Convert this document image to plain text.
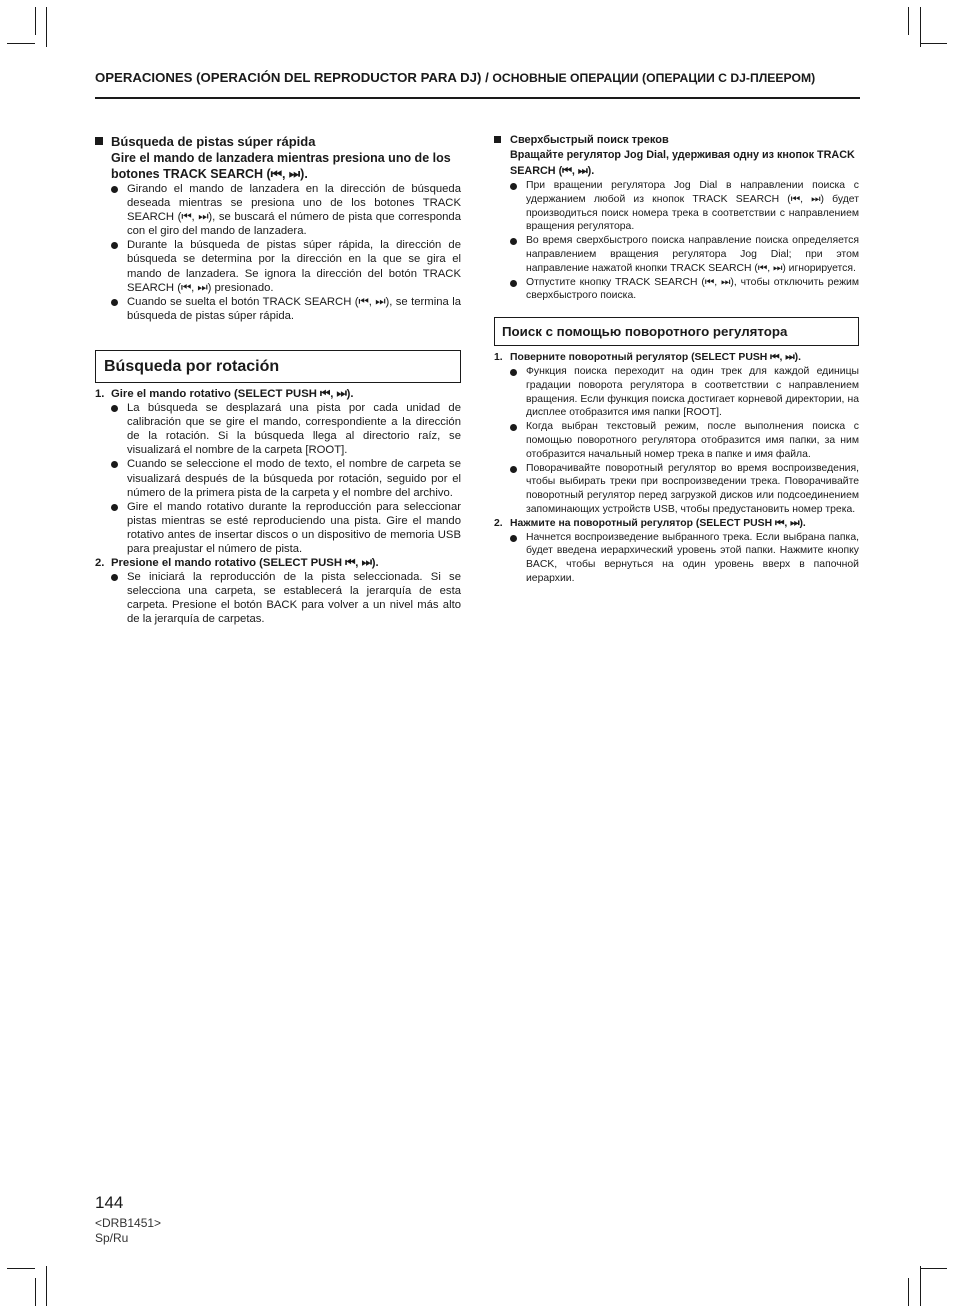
OPERACIONES (OPERACIÓN DEL REPRODUCTOR PARA DJ) / ОСНОВНЫЕ ОПЕРАЦИИ (ОПЕРАЦИИ С DJ-ПЛЕЕРОМ)
Búsqueda de pistas súper rápida
Gire el mando de lanzadera mientras presiona uno de los botones TRACK SEARCH (⏮, ⏭).
Girando el mando de lanzadera en la dirección de búsqueda deseada mientras se presiona uno de los botones TRACK SEARCH (⏮, ⏭), se buscará el número de pista que corresponda con el giro del mando de lanzadera.
Durante la búsqueda de pistas súper rápida, la dirección de búsqueda se determina por la dirección en la que se gira el mando de lanzadera. Se ignora la dirección del botón TRACK SEARCH (⏮, ⏭) presionado.
Cuando se suelta el botón TRACK SEARCH (⏮, ⏭), se termina la búsqueda de pistas súper rápida.
Búsqueda por rotación
1. Gire el mando rotativo (SELECT PUSH ⏮, ⏭).
La búsqueda se desplazará una pista por cada unidad de calibración que se gire el mando, correspondiente a la dirección de la rotación. Si la búsqueda llega al directorio raíz, se visualizará el nombre de la carpeta [ROOT].
Cuando se seleccione el modo de texto, el nombre de carpeta se visualizará después de la búsqueda por rotación, seguido por el número de la primera pista de la carpeta y el nombre del archivo.
Gire el mando rotativo durante la reproducción para seleccionar pistas mientras se esté reproduciendo una pista. Gire el mando rotativo antes de insertar discos o un dispositivo de memoria USB para preajustar el número de pista.
2. Presione el mando rotativo (SELECT PUSH ⏮, ⏭).
Se iniciará la reproducción de la pista seleccionada. Si se selecciona una carpeta, se establecerá la jerarquía de esta carpeta. Presione el botón BACK para volver a un nivel más alto de la jerarquía de carpetas.
Сверхбыстрый поиск треков
Вращайте регулятор Jog Dial, удерживая одну из кнопок TRACK SEARCH (⏮, ⏭).
При вращении регулятора Jog Dial в направлении поиска с удержанием любой из кнопок TRACK SEARCH (⏮, ⏭) будет производиться поиск номера трека в соответствии с направлением вращения регулятора.
Во время сверхбыстрого поиска направление поиска определяется направлением вращения регулятора Jog Dial; при этом направление нажатой кнопки TRACK SEARCH (⏮, ⏭) игнорируется.
Отпустите кнопку TRACK SEARCH (⏮, ⏭), чтобы отключить режим сверхбыстрого поиска.
Поиск с помощью поворотного регулятора
1. Поверните поворотный регулятор (SELECT PUSH ⏮, ⏭).
Функция поиска переходит на один трек для каждой единицы градации поворота регулятора в соответствии с направлением вращения. Если функция поиска достигает корневой директории, на дисплее отобразится имя папки [ROOT].
Когда выбран текстовый режим, после выполнения поиска с помощью поворотного регулятора отобразится имя папки, за ним отобразится начальный номер трека в папке и имя файла.
Поворачивайте поворотный регулятор во время воспроизведения, чтобы выбирать треки при воспроизведении трека. Поворачивайте поворотный регулятор перед загрузкой дисков или подсоединением запоминающих устройств USB, чтобы предустановить номер трека.
2. Нажмите на поворотный регулятор (SELECT PUSH ⏮, ⏭).
Начнется воспроизведение выбранного трека. Если выбрана папка, будет введена иерархический уровень этой папки. Нажмите кнопку BACK, чтобы вернуться на один уровень вверх в папочной иерархии.
144
<DRB1451>
Sp/Ru
